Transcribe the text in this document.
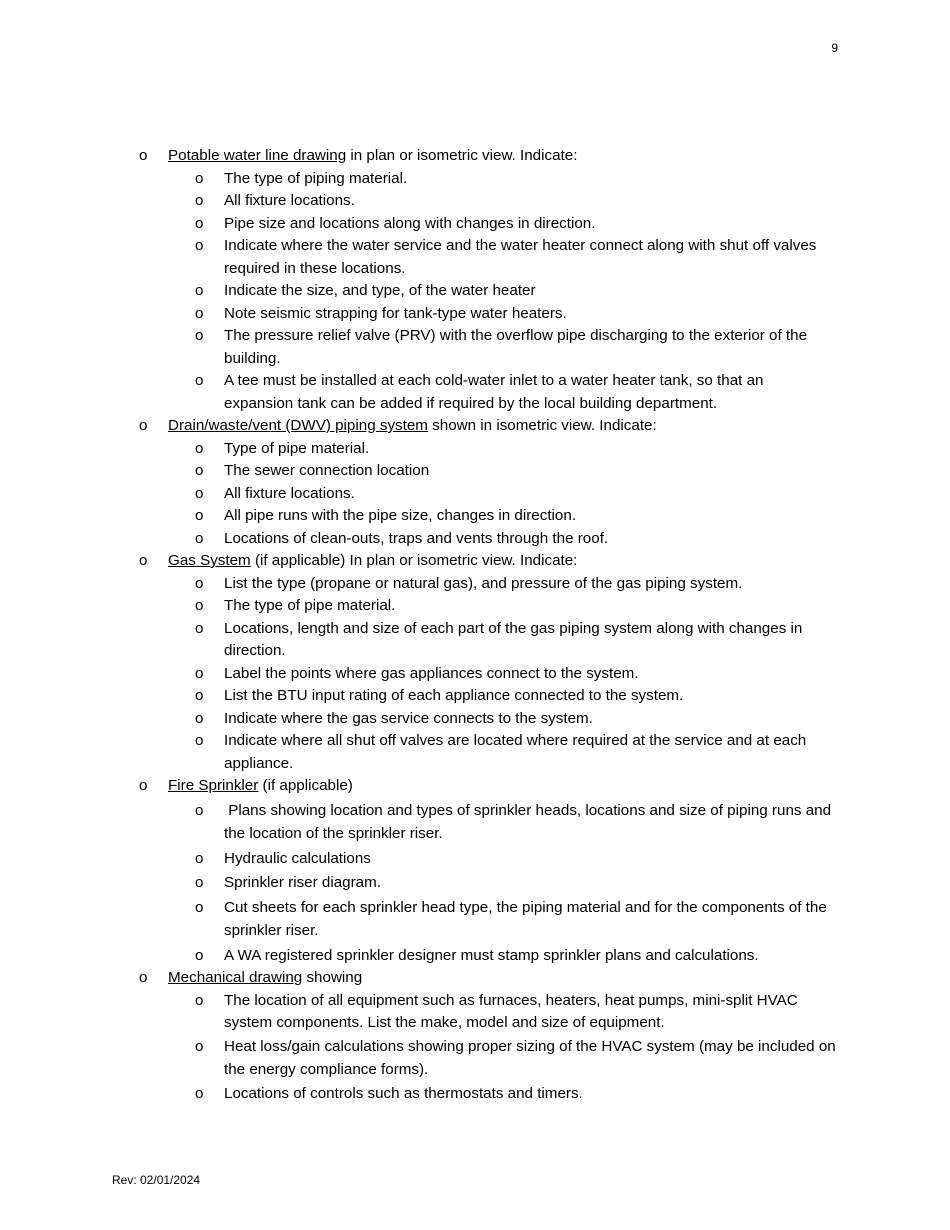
9
o Potable water line drawing in plan or isometric view. Indicate:
o The type of piping material.
o All fixture locations.
o Pipe size and locations along with changes in direction.
o Indicate where the water service and the water heater connect along with shut off valves required in these locations.
o Indicate the size, and type, of the water heater
o Note seismic strapping for tank-type water heaters.
o The pressure relief valve (PRV) with the overflow pipe discharging to the exterior of the building.
o A tee must be installed at each cold-water inlet to a water heater tank, so that an expansion tank can be added if required by the local building department.
o Drain/waste/vent (DWV) piping system shown in isometric view. Indicate:
o Type of pipe material.
o The sewer connection location
o All fixture locations.
o All pipe runs with the pipe size, changes in direction.
o Locations of clean-outs, traps and vents through the roof.
o Gas System (if applicable) In plan or isometric view. Indicate:
o List the type (propane or natural gas), and pressure of the gas piping system.
o The type of pipe material.
o Locations, length and size of each part of the gas piping system along with changes in direction.
o Label the points where gas appliances connect to the system.
o List the BTU input rating of each appliance connected to the system.
o Indicate where the gas service connects to the system.
o Indicate where all shut off valves are located where required at the service and at each appliance.
o Fire Sprinkler (if applicable)
o Plans showing location and types of sprinkler heads, locations and size of piping runs and the location of the sprinkler riser.
o Hydraulic calculations
o Sprinkler riser diagram.
o Cut sheets for each sprinkler head type, the piping material and for the components of the sprinkler riser.
o A WA registered sprinkler designer must stamp sprinkler plans and calculations.
o Mechanical drawing showing
o The location of all equipment such as furnaces, heaters, heat pumps, mini-split HVAC system components. List the make, model and size of equipment.
o Heat loss/gain calculations showing proper sizing of the HVAC system (may be included on the energy compliance forms).
o Locations of controls such as thermostats and timers.
Rev: 02/01/2024
